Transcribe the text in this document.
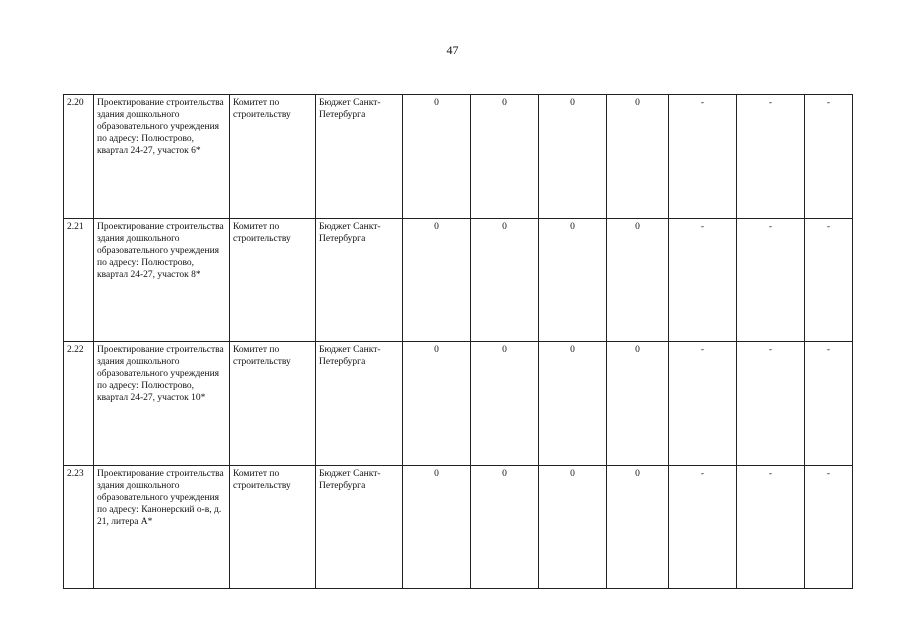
47
2.20	Проектирование строительства здания дошкольного образовательного учреждения по адресу: Полюстрово, квартал 24-27, участок 6*	Комитет по строительству	Бюджет Санкт-Петербурга	0	0	0	0	-	-	-
2.21	Проектирование строительства здания дошкольного образовательного учреждения по адресу: Полюстрово, квартал 24-27, участок 8*	Комитет по строительству	Бюджет Санкт-Петербурга	0	0	0	0	-	-	-
2.22	Проектирование строительства здания дошкольного образовательного учреждения по адресу: Полюстрово, квартал 24-27, участок 10*	Комитет по строительству	Бюджет Санкт-Петербурга	0	0	0	0	-	-	-
2.23	Проектирование строительства здания дошкольного образовательного учреждения по адресу: Канонерский о-в, д. 21, литера А*	Комитет по строительству	Бюджет Санкт-Петербурга	0	0	0	0	-	-	-
